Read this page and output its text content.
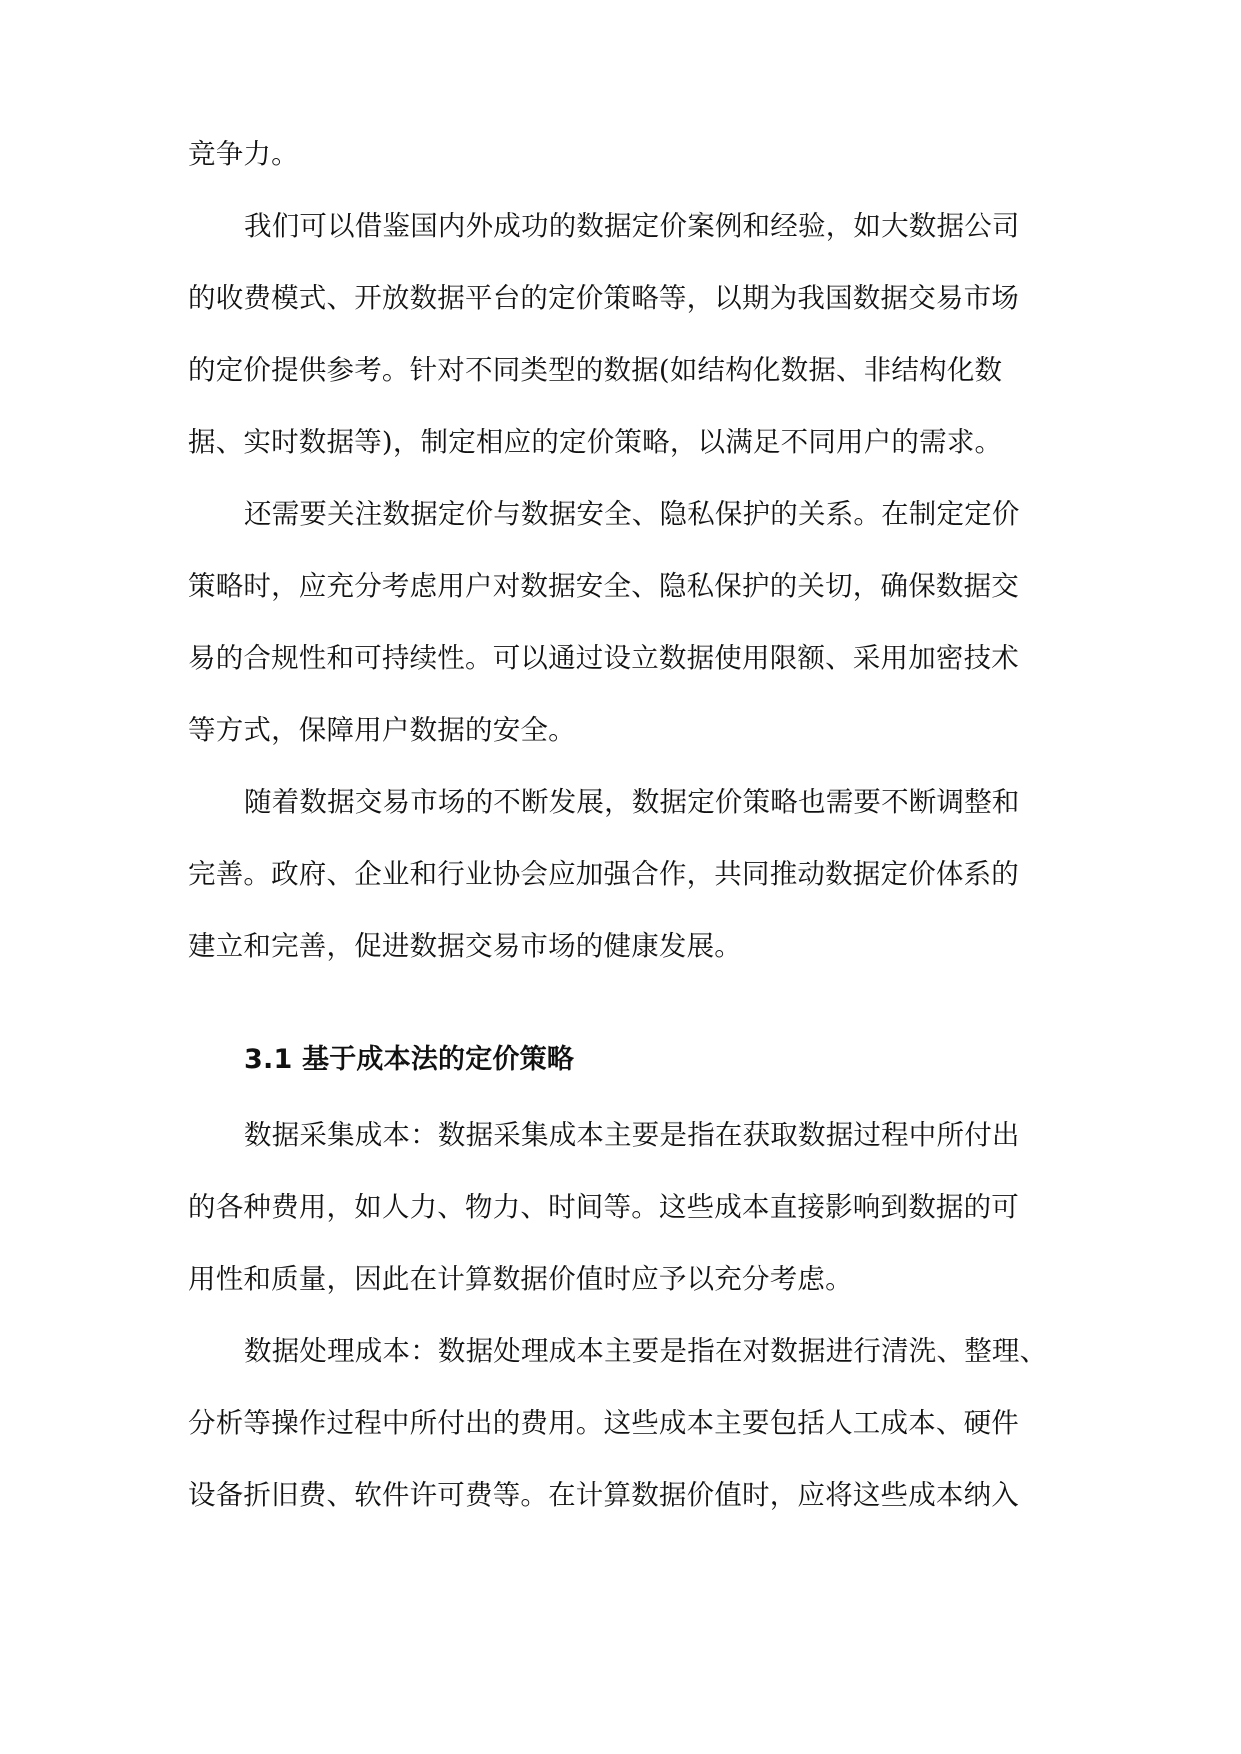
竞争力。
我们可以借鉴国内外成功的数据定价案例和经验，如大数据公司
的收费模式、开放数据平台的定价策略等，以期为我国数据交易市场
的定价提供参考。针对不同类型的数据(如结构化数据、非结构化数
据、实时数据等)，制定相应的定价策略，以满足不同用户的需求。
还需要关注数据定价与数据安全、隐私保护的关系。在制定定价
策略时，应充分考虑用户对数据安全、隐私保护的关切，确保数据交
易的合规性和可持续性。可以通过设立数据使用限额、采用加密技术
等方式，保障用户数据的安全。
随着数据交易市场的不断发展，数据定价策略也需要不断调整和
完善。政府、企业和行业协会应加强合作，共同推动数据定价体系的
建立和完善，促进数据交易市场的健康发展。
3.1 基于成本法的定价策略
数据采集成本：数据采集成本主要是指在获取数据过程中所付出
的各种费用，如人力、物力、时间等。这些成本直接影响到数据的可
用性和质量，因此在计算数据价值时应予以充分考虑。
数据处理成本：数据处理成本主要是指在对数据进行清洗、整理、
分析等操作过程中所付出的费用。这些成本主要包括人工成本、硬件
设备折旧费、软件许可费等。在计算数据价值时，应将这些成本纳入
